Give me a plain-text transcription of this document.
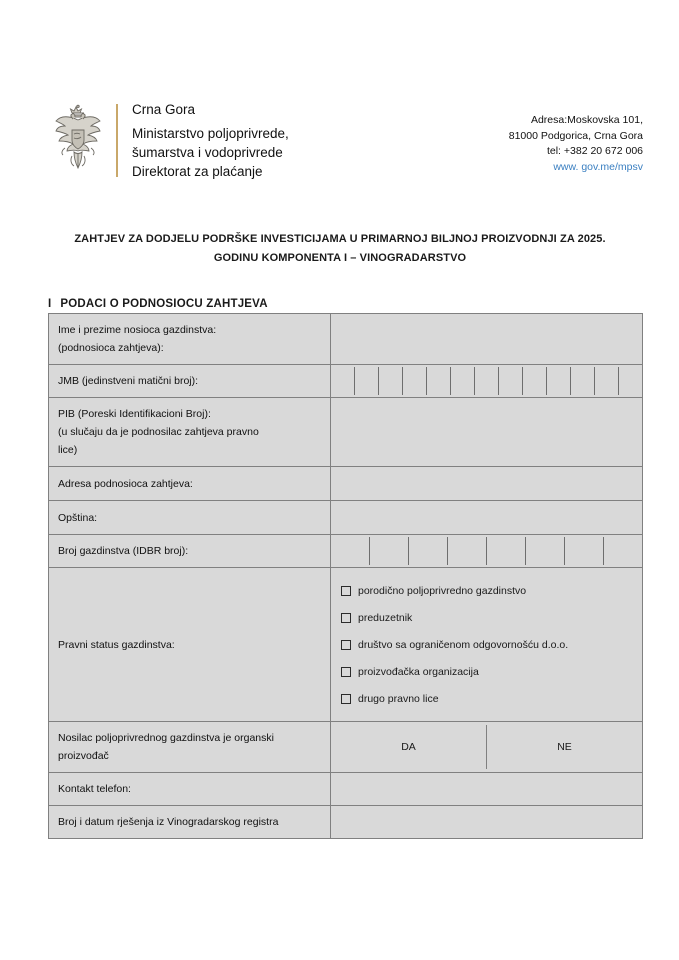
Crna Gora
Ministarstvo poljoprivrede,
šumarstva i vodoprivrede
Direktorat za plaćanje
Adresa:Moskovska 101,
81000 Podgorica, Crna Gora
tel: +382 20 672 006
www. gov.me/mpsv
ZAHTJEV ZA DODJELU PODRŠKE INVESTICIJAMA U PRIMARNOJ BILJNOJ PROIZVODNJI ZA 2025.
GODINU KOMPONENTA I – VINOGRADARSTVO
I PODACI O PODNOSIOCU ZAHTJEVA
Ime i prezime nosioca gazdinstva:
(podnosioca zahtjeva):	

JMB (jedinstveni matični broj):	

PIB (Poreski Identifikacioni Broj):
(u slučaju da je podnosilac zahtjeva pravno
lice)	

Adresa podnosioca zahtjeva:	

Opština:	

Broj gazdinstva (IDBR broj):	

Pravni status gazdinstva:	porodično poljoprivredno gazdinstvo
preduzetnik
društvo sa ograničenom odgovornošću d.o.o.
proizvođačka organizacija
drugo pravno lice

Nosilac poljoprivrednog gazdinstva je organski
proizvođač

DA	NE

Kontakt telefon:	

Broj i datum rješenja iz Vinogradarskog registra	
